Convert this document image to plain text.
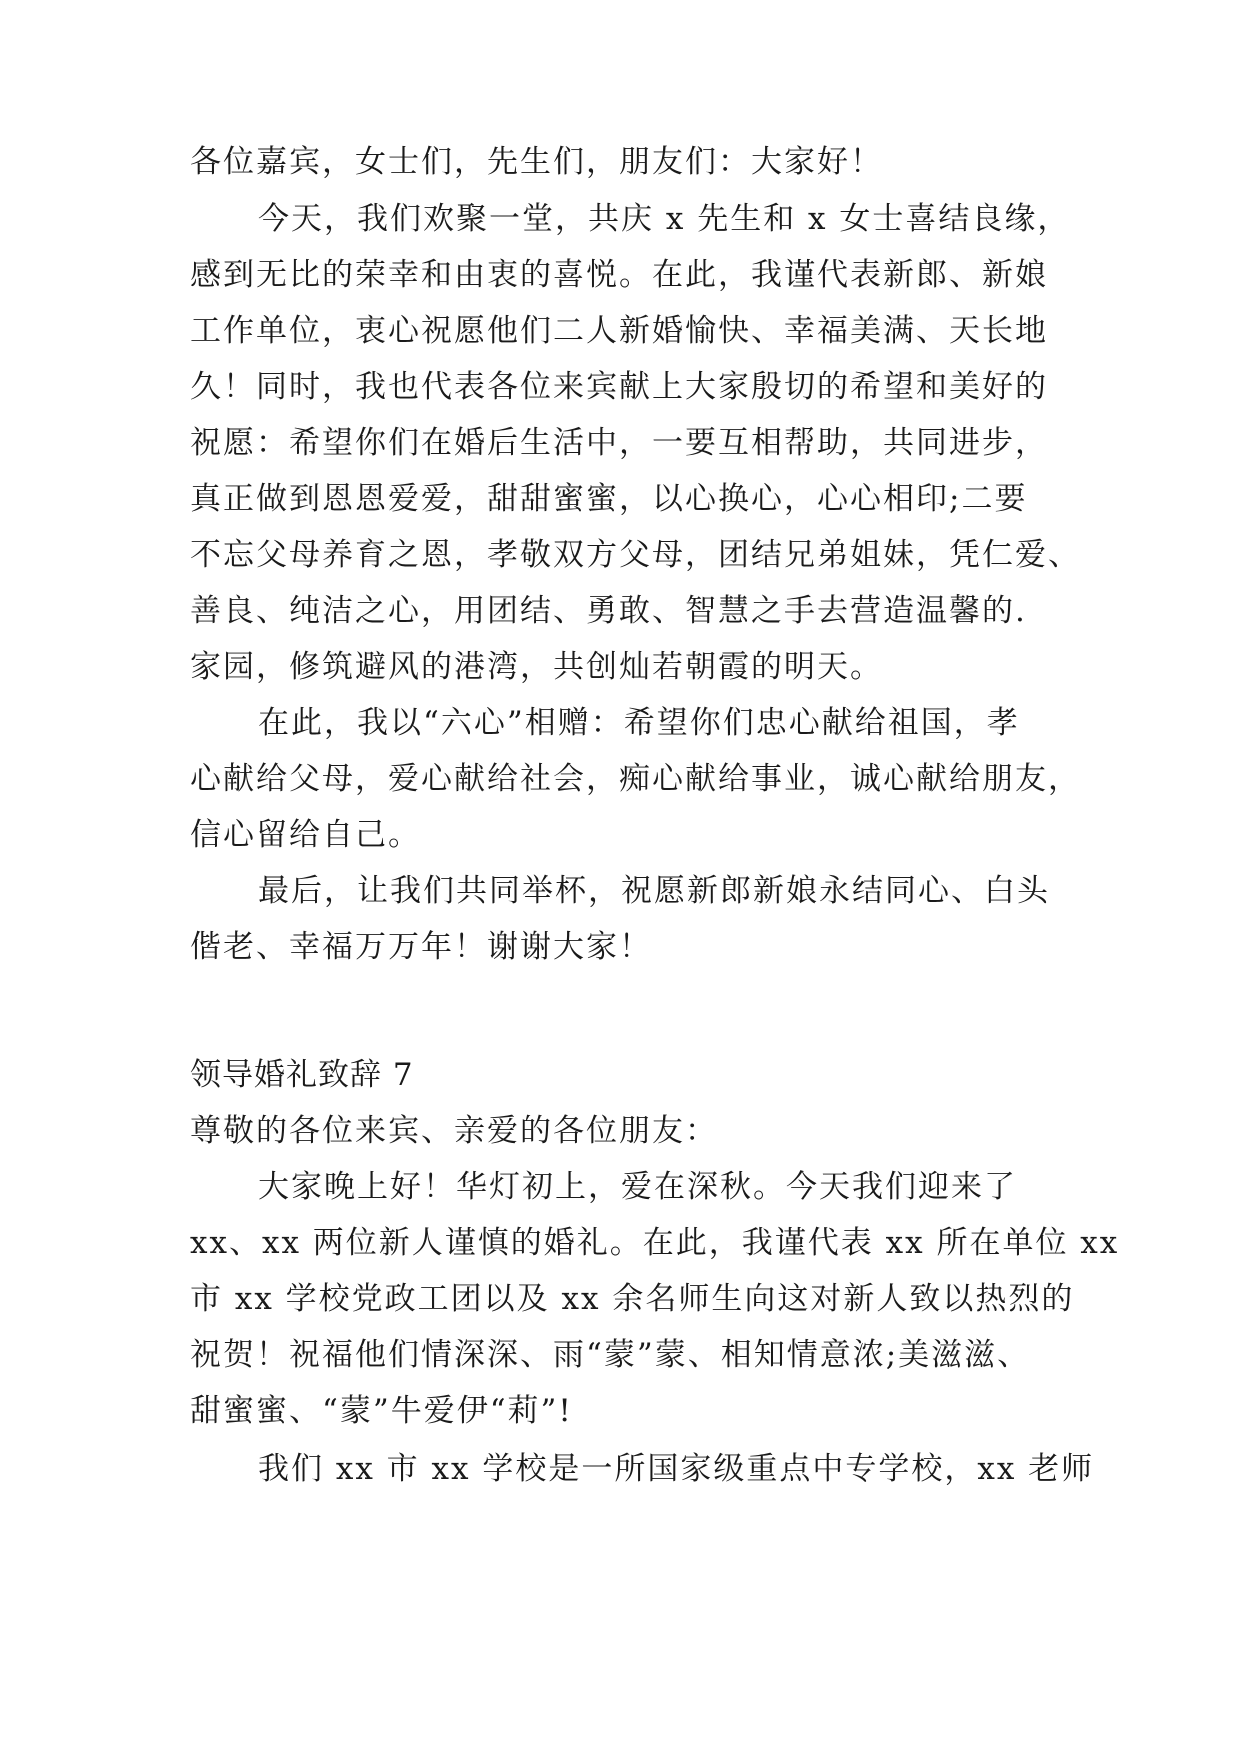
各位嘉宾，女士们，先生们，朋友们：大家好！

今天，我们欢聚一堂，共庆 x 先生和 x 女士喜结良缘，

感到无比的荣幸和由衷的喜悦。在此，我谨代表新郎、新娘

工作单位，衷心祝愿他们二人新婚愉快、幸福美满、天长地

久！同时，我也代表各位来宾献上大家殷切的希望和美好的

祝愿：希望你们在婚后生活中，一要互相帮助，共同进步，

真正做到恩恩爱爱，甜甜蜜蜜，以心换心，心心相印;二要

不忘父母养育之恩，孝敬双方父母，团结兄弟姐妹，凭仁爱、

善良、纯洁之心，用团结、勇敢、智慧之手去营造温馨的.

家园，修筑避风的港湾，共创灿若朝霞的明天。

在此，我以“六心”相赠：希望你们忠心献给祖国，孝

心献给父母，爱心献给社会，痴心献给事业，诚心献给朋友，

信心留给自己。

最后，让我们共同举杯，祝愿新郎新娘永结同心、白头

偕老、幸福万万年！谢谢大家！

领导婚礼致辞 7

尊敬的各位来宾、亲爱的各位朋友：

大家晚上好！华灯初上，爱在深秋。今天我们迎来了

xx、xx 两位新人谨慎的婚礼。在此，我谨代表 xx 所在单位 xx

市 xx 学校党政工团以及 xx 余名师生向这对新人致以热烈的

祝贺！祝福他们情深深、雨“蒙”蒙、相知情意浓;美滋滋、

甜蜜蜜、“蒙”牛爱伊“莉”!

我们 xx 市 xx 学校是一所国家级重点中专学校，xx 老师
